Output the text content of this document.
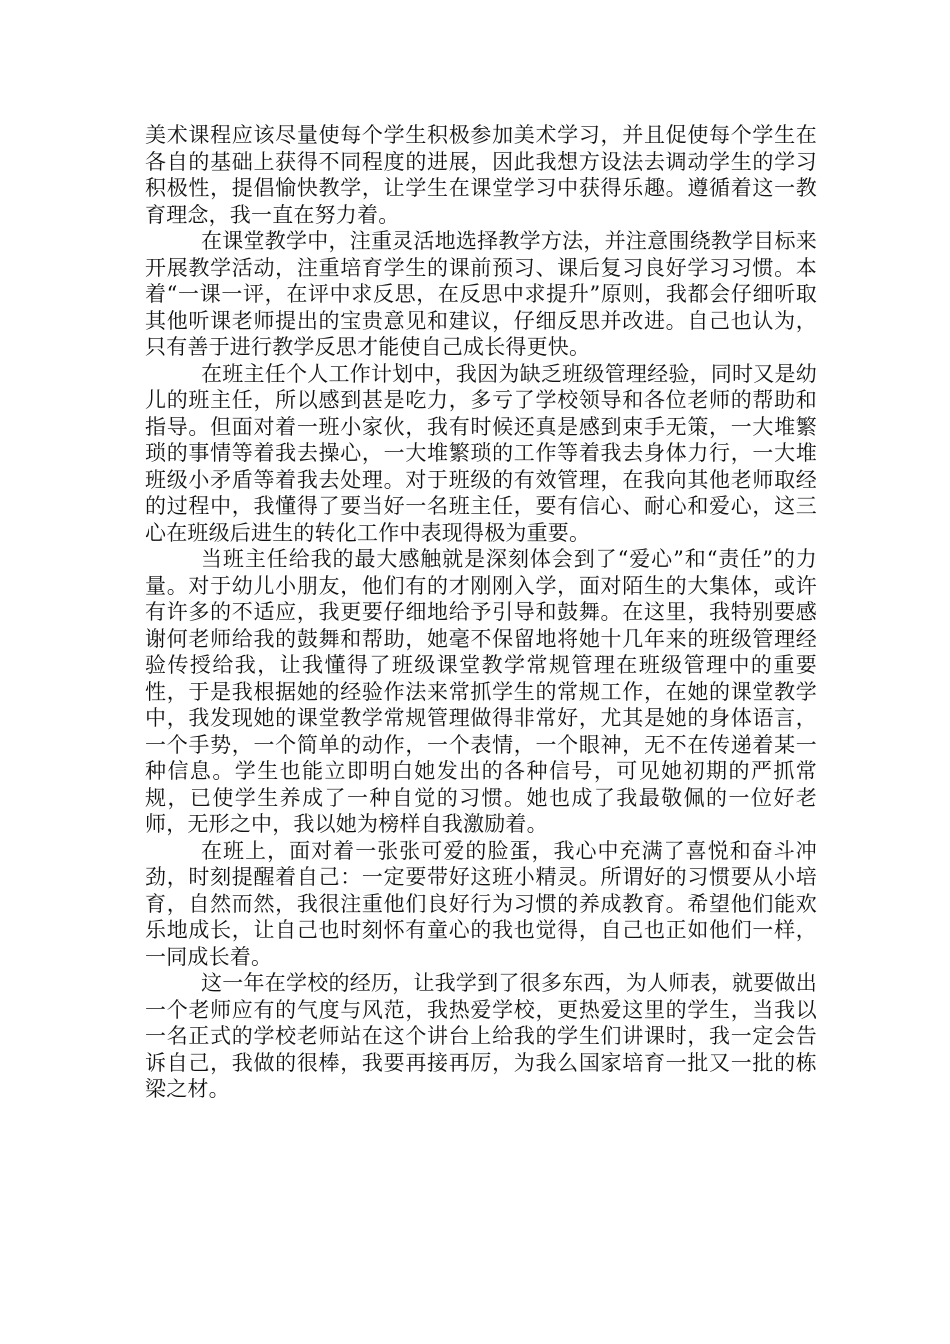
美术课程应该尽量使每个学生积极参加美术学习，并且促使每个学生在各自的基础上获得不同程度的进展，因此我想方设法去调动学生的学习积极性，提倡愉快教学，让学生在课堂学习中获得乐趣。遵循着这一教育理念，我一直在努力着。

在课堂教学中，注重灵活地选择教学方法，并注意围绕教学目标来开展教学活动，注重培育学生的课前预习、课后复习良好学习习惯。本着“一课一评，在评中求反思，在反思中求提升”原则，我都会仔细听取其他听课老师提出的宝贵意见和建议，仔细反思并改进。自己也认为，只有善于进行教学反思才能使自己成长得更快。

在班主任个人工作计划中，我因为缺乏班级管理经验，同时又是幼儿的班主任，所以感到甚是吃力，多亏了学校领导和各位老师的帮助和指导。但面对着一班小家伙，我有时候还真是感到束手无策，一大堆繁琐的事情等着我去操心，一大堆繁琐的工作等着我去身体力行，一大堆班级小矛盾等着我去处理。对于班级的有效管理，在我向其他老师取经的过程中，我懂得了要当好一名班主任，要有信心、耐心和爱心，这三心在班级后进生的转化工作中表现得极为重要。

当班主任给我的最大感触就是深刻体会到了“爱心”和“责任”的力量。对于幼儿小朋友，他们有的才刚刚入学，面对陌生的大集体，或许有许多的不适应，我更要仔细地给予引导和鼓舞。在这里，我特别要感谢何老师给我的鼓舞和帮助，她毫不保留地将她十几年来的班级管理经验传授给我，让我懂得了班级课堂教学常规管理在班级管理中的重要性，于是我根据她的经验作法来常抓学生的常规工作，在她的课堂教学中，我发现她的课堂教学常规管理做得非常好，尤其是她的身体语言，一个手势，一个简单的动作，一个表情，一个眼神，无不在传递着某一种信息。学生也能立即明白她发出的各种信号，可见她初期的严抓常规，已使学生养成了一种自觉的习惯。她也成了我最敬佩的一位好老师，无形之中，我以她为榜样自我激励着。

在班上，面对着一张张可爱的脸蛋，我心中充满了喜悦和奋斗冲劲，时刻提醒着自己：一定要带好这班小精灵。所谓好的习惯要从小培育，自然而然，我很注重他们良好行为习惯的养成教育。希望他们能欢乐地成长，让自己也时刻怀有童心的我也觉得，自己也正如他们一样，一同成长着。

这一年在学校的经历，让我学到了很多东西，为人师表，就要做出一个老师应有的气度与风范，我热爱学校，更热爱这里的学生，当我以一名正式的学校老师站在这个讲台上给我的学生们讲课时，我一定会告诉自己，我做的很棒，我要再接再厉，为我么国家培育一批又一批的栋梁之材。
